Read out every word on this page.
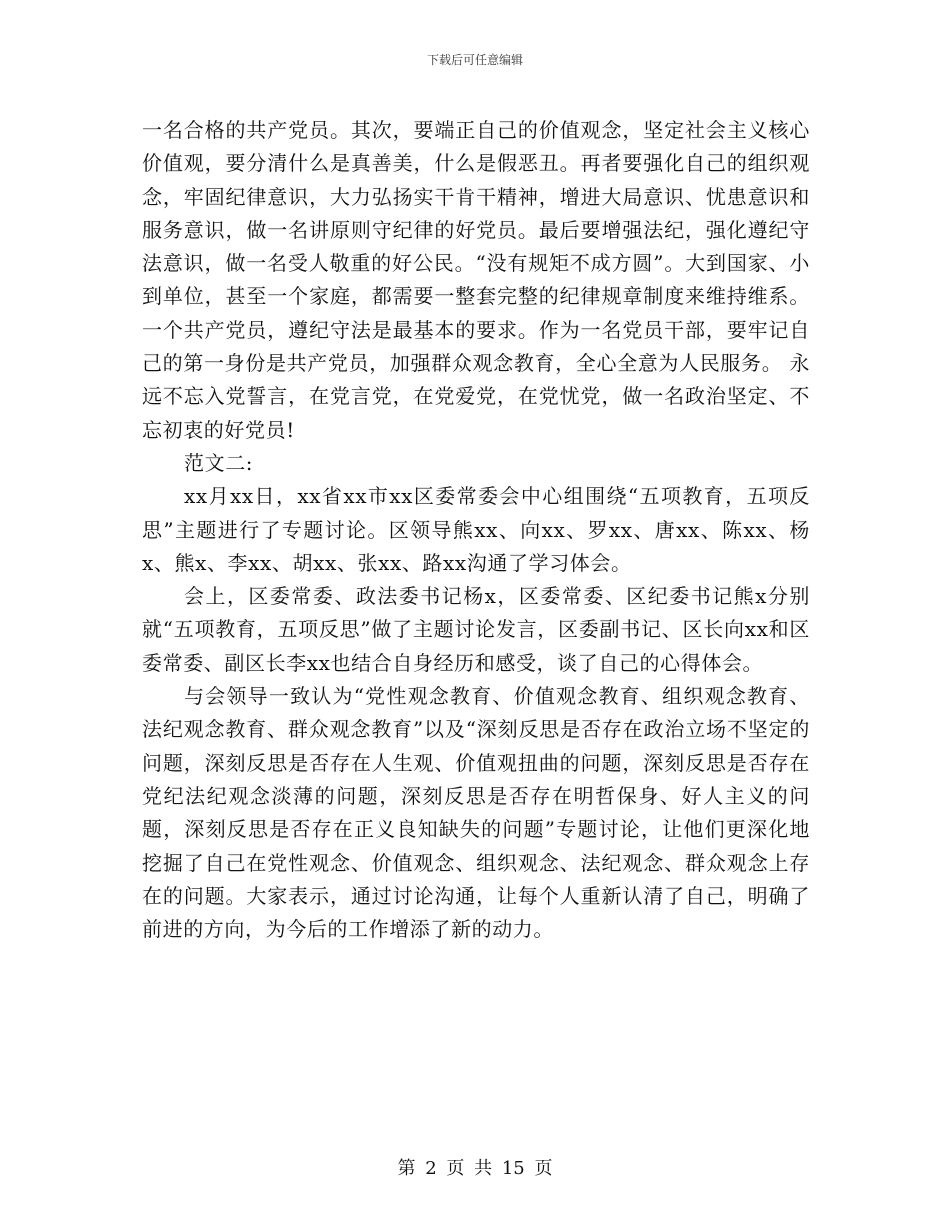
下载后可任意编辑

一名合格的共产党员。其次，要端正自己的价值观念，坚定社会主义核心价值观，要分清什么是真善美，什么是假恶丑。再者要强化自己的组织观念，牢固纪律意识，大力弘扬实干肯干精神，增进大局意识、忧患意识和服务意识，做一名讲原则守纪律的好党员。最后要增强法纪，强化遵纪守法意识，做一名受人敬重的好公民。“没有规矩不成方圆”。大到国家、小到单位，甚至一个家庭，都需要一整套完整的纪律规章制度来维持维系。一个共产党员，遵纪守法是最基本的要求。作为一名党员干部，要牢记自己的第一身份是共产党员，加强群众观念教育，全心全意为人民服务。 永远不忘入党誓言，在党言党，在党爱党，在党忧党，做一名政治坚定、不忘初衷的好党员!

范文二:

xx月xx日，xx省xx市xx区委常委会中心组围绕“五项教育，五项反思”主题进行了专题讨论。区领导熊xx、向xx、罗xx、唐xx、陈xx、杨x、熊x、李xx、胡xx、张xx、路xx沟通了学习体会。

会上，区委常委、政法委书记杨x，区委常委、区纪委书记熊x分别就“五项教育，五项反思”做了主题讨论发言，区委副书记、区长向xx和区委常委、副区长李xx也结合自身经历和感受，谈了自己的心得体会。

与会领导一致认为“党性观念教育、价值观念教育、组织观念教育、法纪观念教育、群众观念教育”以及“深刻反思是否存在政治立场不坚定的问题，深刻反思是否存在人生观、价值观扭曲的问题，深刻反思是否存在党纪法纪观念淡薄的问题，深刻反思是否存在明哲保身、好人主义的问题，深刻反思是否存在正义良知缺失的问题”专题讨论，让他们更深化地挖掘了自己在党性观念、价值观念、组织观念、法纪观念、群众观念上存在的问题。大家表示，通过讨论沟通，让每个人重新认清了自己，明确了前进的方向，为今后的工作增添了新的动力。

第 2 页 共 15 页
